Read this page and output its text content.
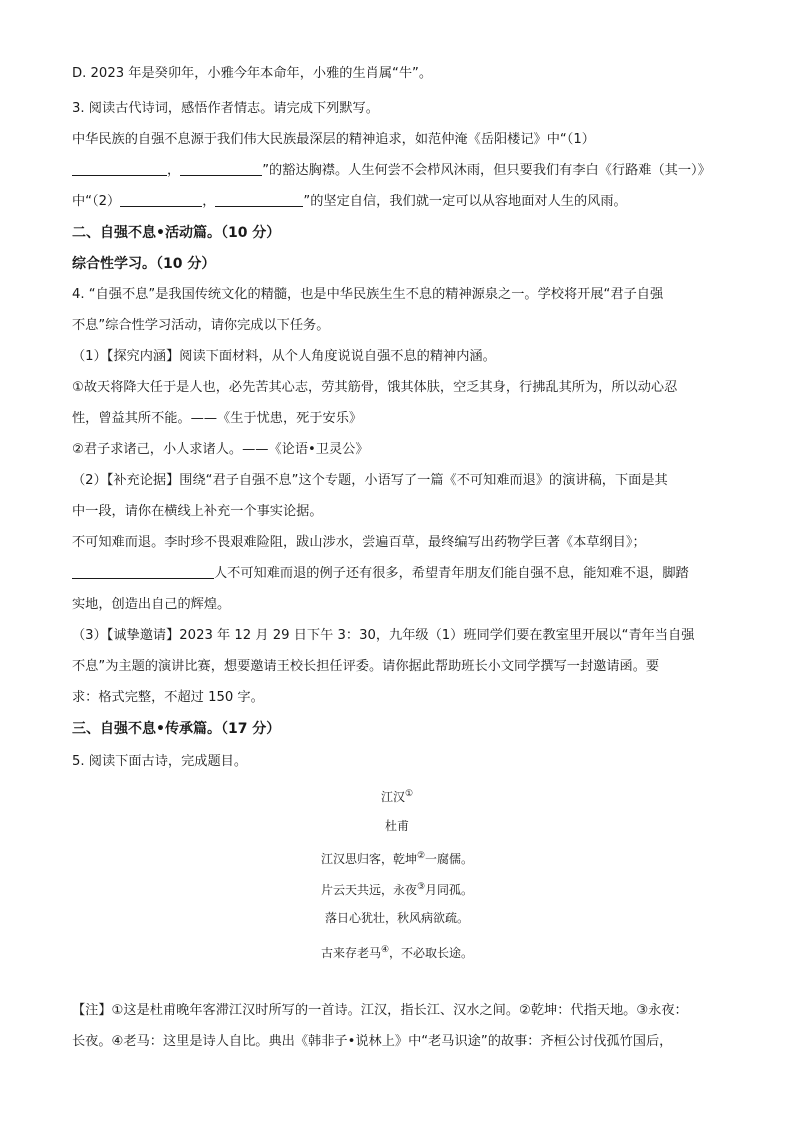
D. 2023 年是癸卯年，小雅今年本命年，小雅的生肖属“牛”。
3. 阅读古代诗词，感悟作者情志。请完成下列默写。
中华民族的自强不息源于我们伟大民族最深层的精神追求，如范仲淹《岳阳楼记》中“（1）
，	”的豁达胸襟。人生何尝不会栉风沐雨，但只要我们有李白《行路难（其一）》
中“（2）	，	”的坚定自信，我们就一定可以从容地面对人生的风雨。
二、自强不息•活动篇。（10 分）
综合性学习。（10 分）
4. “自强不息”是我国传统文化的精髓，也是中华民族生生不息的精神源泉之一。学校将开展“君子自强
不息”综合性学习活动，请你完成以下任务。
（1）【探究内涵】阅读下面材料，从个人角度说说自强不息的精神内涵。
①故天将降大任于是人也，必先苦其心志，劳其筋骨，饿其体肤，空乏其身，行拂乱其所为，所以动心忍
性，曾益其所不能。——《生于忧患，死于安乐》
②君子求诸己，小人求诸人。——《论语•卫灵公》
（2）【补充论据】围绕“君子自强不息”这个专题，小语写了一篇《不可知难而退》的演讲稿，下面是其
中一段，请你在横线上补充一个事实论据。
不可知难而退。李时珍不畏艰难险阻，跋山涉水，尝遍百草，最终编写出药物学巨著《本草纲目》；
人不可知难而退的例子还有很多，希望青年朋友们能自强不息，能知难不退，脚踏
实地，创造出自己的辉煌。
（3）【诚挚邀请】2023 年 12 月 29 日下午 3：30，九年级（1）班同学们要在教室里开展以“青年当自强
不息”为主题的演讲比赛，想要邀请王校长担任评委。请你据此帮助班长小文同学撰写一封邀请函。要
求：格式完整，不超过 150 字。
三、自强不息•传承篇。（17 分）
5. 阅读下面古诗，完成题目。
江汉①
杜甫
江汉思归客，乾坤②一腐儒。
片云天共远，永夜③月同孤。
落日心犹壮，秋风病欲疏。
古来存老马④，不必取长途。
【注】①这是杜甫晚年客滞江汉时所写的一首诗。江汉，指长江、汉水之间。②乾坤：代指天地。③永夜：
长夜。④老马：这里是诗人自比。典出《韩非子•说林上》中“老马识途”的故事：齐桓公讨伐孤竹国后，
